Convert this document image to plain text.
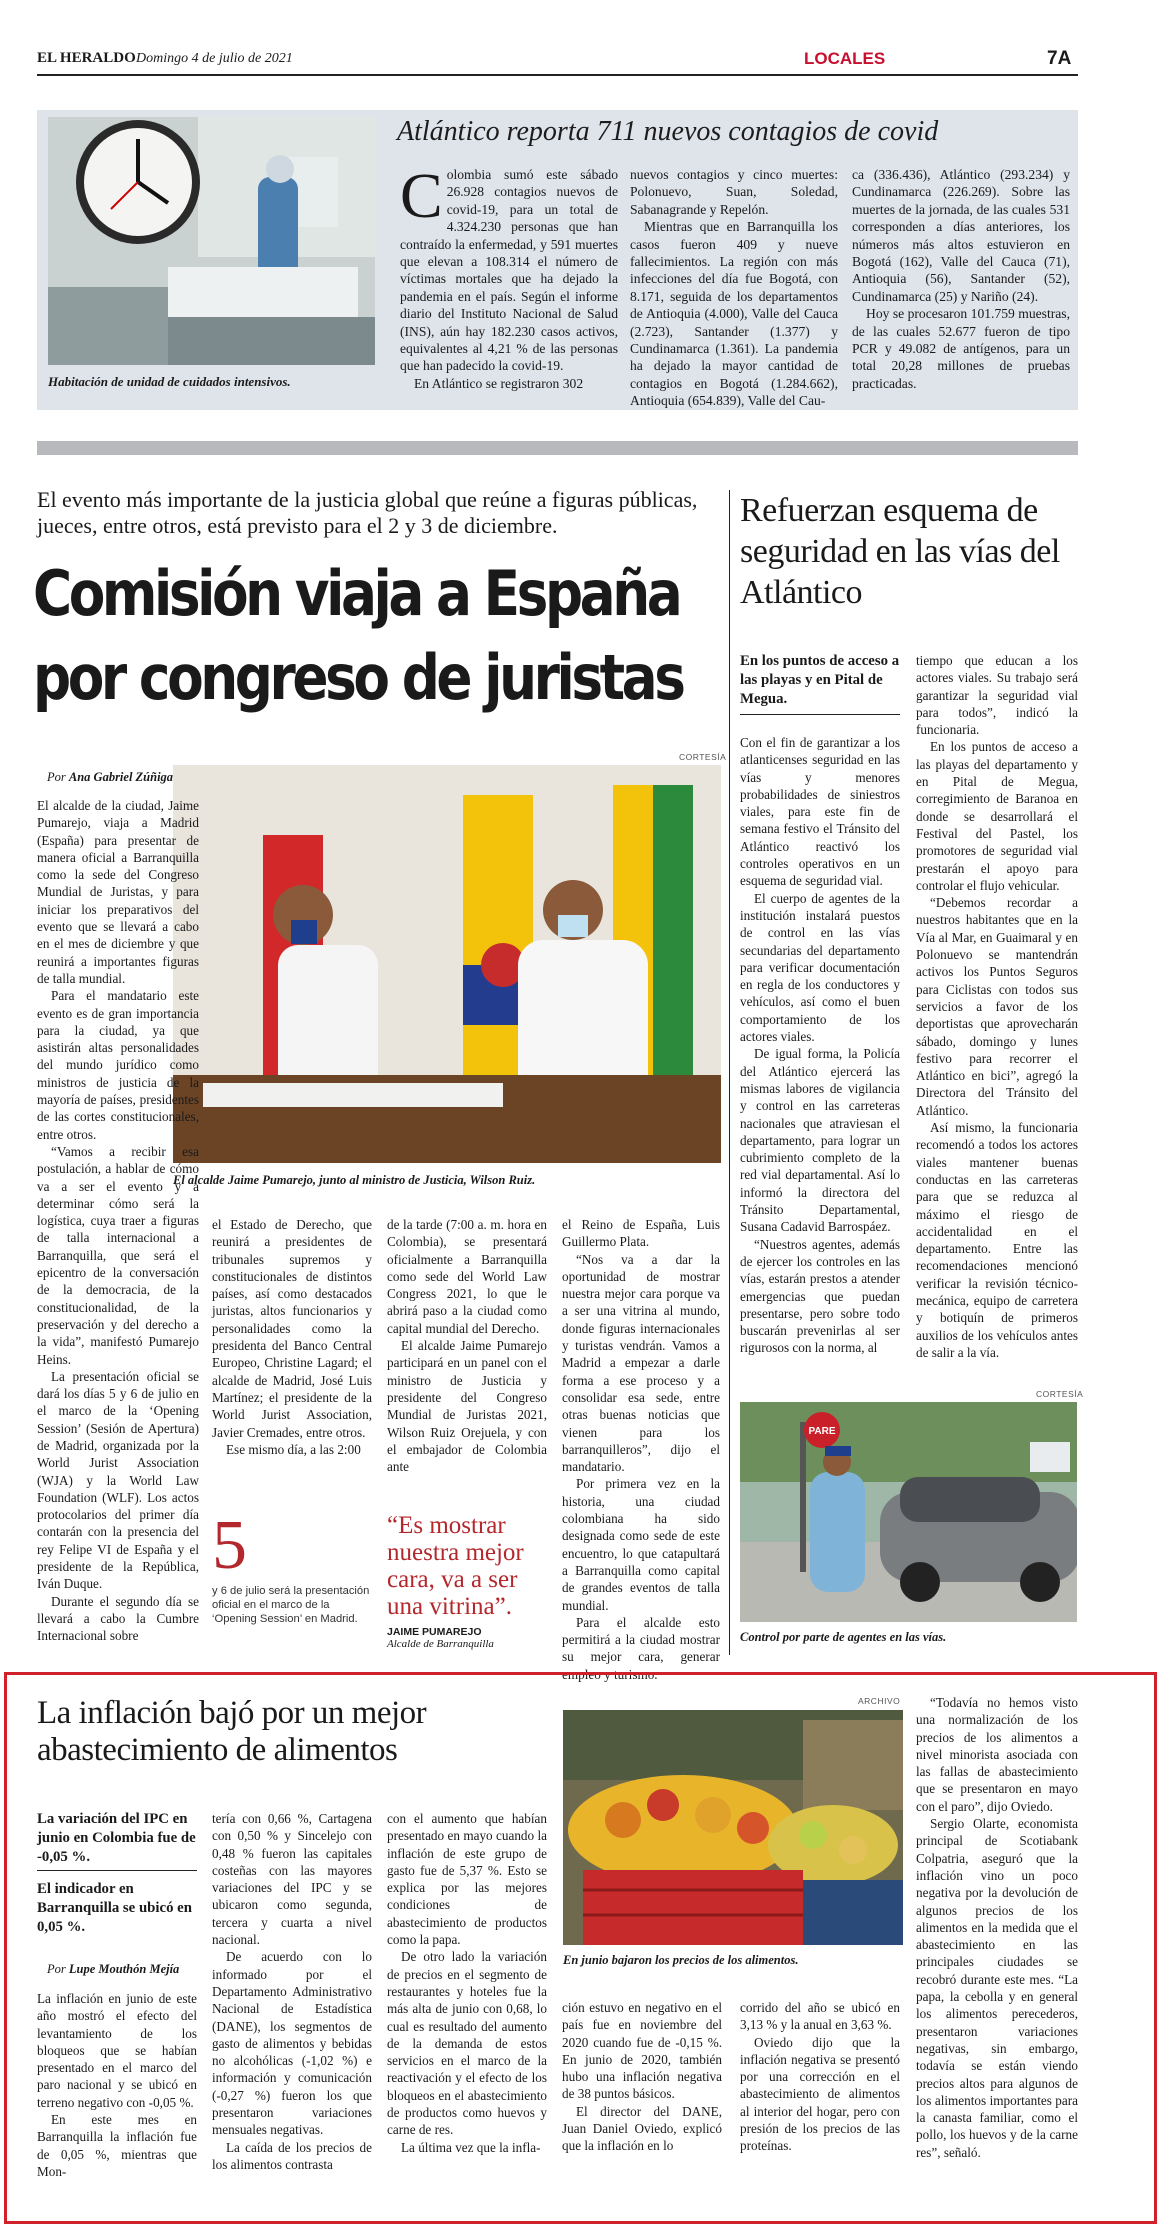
EL HERALDO Domingo 4 de julio de 2021	LOCALES	7A
Habitación de unidad de cuidados intensivos.
Atlántico reporta 711 nuevos contagios de covid

Colombia sumó este sábado 26.928 contagios nuevos de covid-19, para un total de 4.324.230 personas que han contraído la enfermedad, y 591 muertes que elevan a 108.314 el número de víctimas mortales que ha dejado la pandemia en el país. Según el informe diario del Instituto Nacional de Salud (INS), aún hay 182.230 casos activos, equivalentes al 4,21 % de las personas que han padecido la covid-19.

En Atlántico se registraron 302

nuevos contagios y cinco muertes: Polonuevo, Suan, Soledad, Sabanagrande y Repelón.

Mientras que en Barranquilla los casos fueron 409 y nueve fallecimientos. La región con más infecciones del día fue Bogotá, con 8.171, seguida de los departamentos de Antioquia (4.000), Valle del Cauca (2.723), Santander (1.377) y Cundinamarca (1.361). La pandemia ha dejado la mayor cantidad de contagios en Bogotá (1.284.662), Antioquia (654.839), Valle del Cau-

ca (336.436), Atlántico (293.234) y Cundinamarca (226.269). Sobre las muertes de la jornada, de las cuales 531 corresponden a días anteriores, los números más altos estuvieron en Bogotá (162), Valle del Cauca (71), Antioquia (56), Santander (52), Cundinamarca (25) y Nariño (24).

Hoy se procesaron 101.759 muestras, de las cuales 52.677 fueron de tipo PCR y 49.082 de antígenos, para un total 20,28 millones de pruebas practicadas.

El evento más importante de la justicia global que reúne a figuras públicas, jueces, entre otros, está previsto para el 2 y 3 de diciembre.
Comisión viaja a España
por congreso de juristas
CORTESÍA
Por Ana Gabriel Zúñiga
El alcalde Jaime Pumarejo, junto al ministro de Justicia, Wilson Ruiz.

El alcalde de la ciudad, Jaime Pumarejo, viaja a Madrid (España) para presentar de manera oficial a Barranquilla como la sede del Congreso Mundial de Juristas, y para iniciar los preparativos del evento que se llevará a cabo en el mes de diciembre y que reunirá a importantes figuras de talla mundial.

Para el mandatario este evento es de gran importancia para la ciudad, ya que asistirán altas personalidades del mundo jurídico como ministros de justicia de la mayoría de países, presidentes de las cortes constitucionales, entre otros.

“Vamos a recibir esa postulación, a hablar de cómo va a ser el evento y a determinar cómo será la logística, cuya traer a figuras de talla internacional a Barranquilla, que será el epicentro de la conversación de la democracia, de la constitucionalidad, de la preservación y del derecho a la vida”, manifestó Pumarejo Heins.

La presentación oficial se dará los días 5 y 6 de julio en el marco de la ‘Opening Session’ (Sesión de Apertura) de Madrid, organizada por la World Jurist Association (WJA) y la World Law Foundation (WLF). Los actos protocolarios del primer día contarán con la presencia del rey Felipe VI de España y el presidente de la República, Iván Duque.

Durante el segundo día se llevará a cabo la Cumbre Internacional sobre

el Estado de Derecho, que reunirá a presidentes de tribunales supremos y constitucionales de distintos países, así como destacados juristas, altos funcionarios y personalidades como la presidenta del Banco Central Europeo, Christine Lagard; el alcalde de Madrid, José Luis Martínez; el presidente de la World Jurist Association, Javier Cremades, entre otros.

Ese mismo día, a las 2:00

de la tarde (7:00 a. m. hora en Colombia), se presentará oficialmente a Barranquilla como sede del World Law Congress 2021, lo que le abrirá paso a la ciudad como capital mundial del Derecho.

El alcalde Jaime Pumarejo participará en un panel con el ministro de Justicia y presidente del Congreso Mundial de Juristas 2021, Wilson Ruiz Orejuela, y con el embajador de Colombia ante

el Reino de España, Luis Guillermo Plata.

“Nos va a dar la oportunidad de mostrar nuestra mejor cara porque va a ser una vitrina al mundo, donde figuras internacionales y turistas vendrán. Vamos a Madrid a empezar a darle forma a ese proceso y a consolidar esa sede, entre otras buenas noticias que vienen para los barranquilleros”, dijo el mandatario.

Por primera vez en la historia, una ciudad colombiana ha sido designada como sede de este encuentro, lo que catapultará a Barranquilla como capital de grandes eventos de talla mundial.

Para el alcalde esto permitirá a la ciudad mostrar su mejor cara, generar empleo y turismo.

5
y 6 de julio será la presentación oficial en el marco de la ‘Opening Session’ en Madrid.
“Es mostrar nuestra mejor cara, va a ser una vitrina”.
JAIME PUMAREJO
Alcalde de Barranquilla
Refuerzan esquema de seguridad en las vías del Atlántico
En los puntos de acceso a las playas y en Pital de Megua.

Con el fin de garantizar a los atlanticenses seguridad en las vías y menores probabilidades de siniestros viales, para este fin de semana festivo el Tránsito del Atlántico reactivó los controles operativos en un esquema de seguridad vial.

El cuerpo de agentes de la institución instalará puestos de control en las vías secundarias del departamento para verificar documentación en regla de los conductores y vehículos, así como el buen comportamiento de los actores viales.

De igual forma, la Policía del Atlántico ejercerá las mismas labores de vigilancia y control en las carreteras nacionales que atraviesan el departamento, para lograr un cubrimiento completo de la red vial departamental. Así lo informó la directora del Tránsito Departamental, Susana Cadavid Barrospáez.

“Nuestros agentes, además de ejercer los controles en las vías, estarán prestos a atender emergencias que puedan presentarse, pero sobre todo buscarán prevenirlas al ser rigurosos con la norma, al

tiempo que educan a los actores viales. Su trabajo será garantizar la seguridad vial para todos”, indicó la funcionaria.

En los puntos de acceso a las playas del departamento y en Pital de Megua, corregimiento de Baranoa en donde se desarrollará el Festival del Pastel, los promotores de seguridad vial prestarán el apoyo para controlar el flujo vehicular.

“Debemos recordar a nuestros habitantes que en la Vía al Mar, en Guaimaral y en Polonuevo se mantendrán activos los Puntos Seguros para Ciclistas con todos sus servicios a favor de los deportistas que aprovecharán sábado, domingo y lunes festivo para recorrer el Atlántico en bici”, agregó la Directora del Tránsito del Atlántico.

Así mismo, la funcionaria recomendó a todos los actores viales mantener buenas conductas en las carreteras para que se reduzca al máximo el riesgo de accidentalidad en el departamento. Entre las recomendaciones mencionó verificar la revisión técnico-mecánica, equipo de carretera y botiquín de primeros auxilios de los vehículos antes de salir a la vía.

CORTESÍA
PARE
Control por parte de agentes en las vías.
La inflación bajó por un mejor abastecimiento de alimentos
La variación del IPC en junio en Colombia fue de -0,05 %.
El indicador en Barranquilla se ubicó en 0,05 %.
Por Lupe Mouthón Mejía

La inflación en junio de este año mostró el efecto del levantamiento de los bloqueos que se habían presentado en el marco del paro nacional y se ubicó en terreno negativo con -0,05 %.

En este mes en Barranquilla la inflación fue de 0,05 %, mientras que Mon-

tería con 0,66 %, Cartagena con 0,50 % y Sincelejo con 0,48 % fueron las capitales costeñas con las mayores variaciones del IPC y se ubicaron como segunda, tercera y cuarta a nivel nacional.

De acuerdo con lo informado por el Departamento Administrativo Nacional de Estadística (DANE), los segmentos de gasto de alimentos y bebidas no alcohólicas (-1,02 %) e información y comunicación (-0,27 %) fueron los que presentaron variaciones mensuales negativas.

La caída de los precios de los alimentos contrasta

con el aumento que habían presentado en mayo cuando la inflación de este grupo de gasto fue de 5,37 %. Esto se explica por las mejores condiciones de abastecimiento de productos como la papa.

De otro lado la variación de precios en el segmento de restaurantes y hoteles fue la más alta de junio con 0,68, lo cual es resultado del aumento de la demanda de estos servicios en el marco de la reactivación y el efecto de los bloqueos en el abastecimiento de productos como huevos y carne de res.

La última vez que la infla-

ARCHIVO
En junio bajaron los precios de los alimentos.

ción estuvo en negativo en el país fue en noviembre del 2020 cuando fue de -0,15 %. En junio de 2020, también hubo una inflación negativa de 38 puntos básicos.

El director del DANE, Juan Daniel Oviedo, explicó que la inflación en lo

corrido del año se ubicó en 3,13 % y la anual en 3,63 %.

Oviedo dijo que la inflación negativa se presentó por una corrección en el abastecimiento de alimentos al interior del hogar, pero con presión de los precios de las proteínas.

“Todavía no hemos visto una normalización de los precios de los alimentos a nivel minorista asociada con las fallas de abastecimiento que se presentaron en mayo con el paro”, dijo Oviedo.

Sergio Olarte, economista principal de Scotiabank Colpatria, aseguró que la inflación vino un poco negativa por la devolución de algunos precios de los alimentos en la medida que el abastecimiento en las principales ciudades se recobró durante este mes. “La papa, la cebolla y en general los alimentos perecederos, presentaron variaciones negativas, sin embargo, todavía se están viendo precios altos para algunos de los alimentos importantes para la canasta familiar, como el pollo, los huevos y de la carne res”, señaló.
